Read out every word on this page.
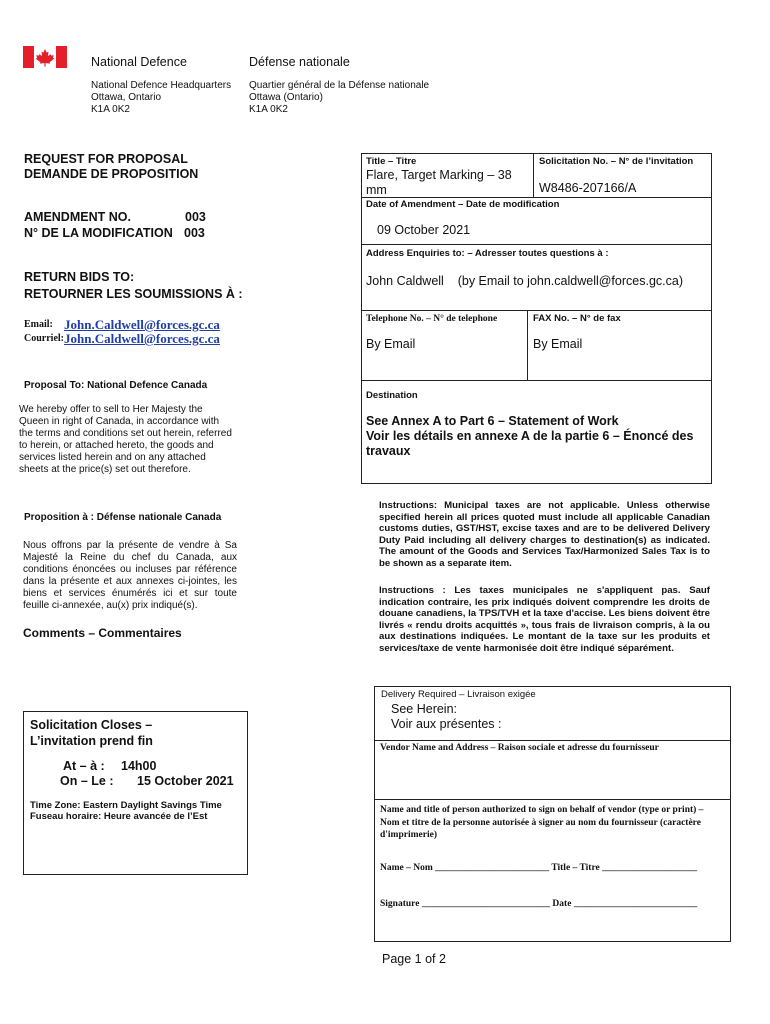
National Defence	Défense nationale
National Defence Headquarters
Ottawa, Ontario
K1A 0K2
Quartier général de la Défense nationale
Ottawa (Ontario)
K1A 0K2
REQUEST FOR PROPOSAL
DEMANDE DE PROPOSITION
AMENDMENT NO.	003
N° DE LA MODIFICATION 003
RETURN BIDS TO:
RETOURNER LES SOUMISSIONS À :
Email: John.Caldwell@forces.gc.ca
Courriel: John.Caldwell@forces.gc.ca
Proposal To: National Defence Canada
We hereby offer to sell to Her Majesty the Queen in right of Canada, in accordance with the terms and conditions set out herein, referred to herein, or attached hereto, the goods and services listed herein and on any attached sheets at the price(s) set out therefore.
Proposition à : Défense nationale Canada
Nous offrons par la présente de vendre à Sa Majesté la Reine du chef du Canada, aux conditions énoncées ou incluses par référence dans la présente et aux annexes ci-jointes, les biens et services énumérés ici et sur toute feuille ci-annexée, au(x) prix indiqué(s).
Comments – Commentaires
Solicitation Closes –
L’invitation prend fin
At – à : 14h00
On – Le : 15 October 2021
Time Zone: Eastern Daylight Savings Time
Fuseau horaire: Heure avancée de l’Est
Title – Titre
Flare, Target Marking – 38 mm
Solicitation No. – N° de l’invitation
W8486-207166/A
Date of Amendment – Date de modification
09 October 2021
Address Enquiries to: – Adresser toutes questions à :
John Caldwell    (by Email to john.caldwell@forces.gc.ca)
Telephone No. – N° de telephone
By Email
FAX No. – N° de fax
By Email
Destination
See Annex A to Part 6 – Statement of Work
Voir les détails en annexe A de la partie 6 – Énoncé des travaux
Instructions: Municipal taxes are not applicable. Unless otherwise specified herein all prices quoted must include all applicable Canadian customs duties, GST/HST, excise taxes and are to be delivered Delivery Duty Paid including all delivery charges to destination(s) as indicated. The amount of the Goods and Services Tax/Harmonized Sales Tax is to be shown as a separate item.
Instructions : Les taxes municipales ne s'appliquent pas. Sauf indication contraire, les prix indiqués doivent comprendre les droits de douane canadiens, la TPS/TVH et la taxe d'accise. Les biens doivent être livrés « rendu droits acquittés », tous frais de livraison compris, à la ou aux destinations indiquées. Le montant de la taxe sur les produits et services/taxe de vente harmonisée doit être indiqué séparément.
Delivery Required – Livraison exigée
See Herein:
Voir aux présentes :
Vendor Name and Address – Raison sociale et adresse du fournisseur
Name and title of person authorized to sign on behalf of vendor (type or print) – Nom et titre de la personne autorisée à signer au nom du fournisseur (caractère d'imprimerie)
Name – Nom ________________________ Title – Titre ____________________
Signature ___________________________ Date __________________________
Page 1 of 2
